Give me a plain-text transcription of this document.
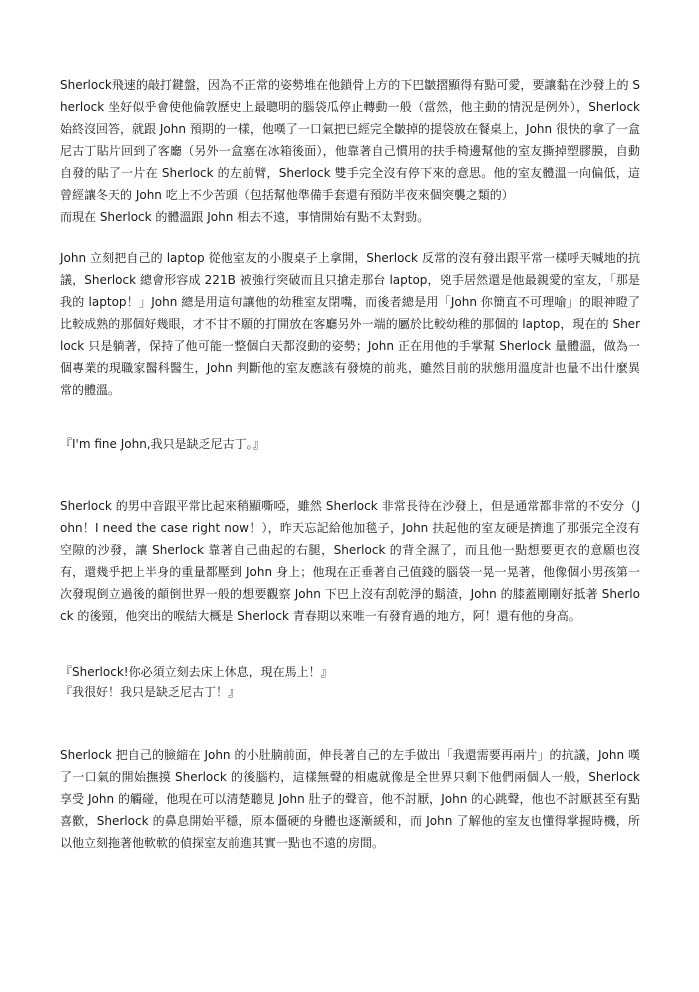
Sherlock飛速的敲打鍵盤，因為不正常的姿勢堆在他鎖骨上方的下巴皺摺顯得有點可愛，要讓黏在沙發上的 Sherlock 坐好似乎會使他倫敦歷史上最聰明的腦袋瓜停止轉動一般（當然，他主動的情況是例外），Sherlock 始終沒回答，就跟 John 預期的一樣，他嘆了一口氣把已經完全皺掉的提袋放在餐桌上，John 很快的拿了一盒尼古丁貼片回到了客廳（另外一盒塞在冰箱後面），他靠著自己慣用的扶手椅邊幫他的室友撕掉塑膠膜，自動自發的貼了一片在 Sherlock 的左前臂，Sherlock 雙手完全沒有停下來的意思。他的室友體溫一向偏低，這曾經讓冬天的 John 吃上不少苦頭（包括幫他準備手套還有預防半夜來個突襲之類的）

而現在 Sherlock 的體溫跟 John 相去不遠，事情開始有點不太對勁。

John 立刻把自己的 laptop 從他室友的小腹桌子上拿開，Sherlock 反常的沒有發出跟平常一樣呼天喊地的抗議，Sherlock 總會形容成 221B 被強行突破而且只搶走那台 laptop，兇手居然還是他最親愛的室友，「那是我的 laptop！」John 總是用這句讓他的幼稚室友閉嘴，而後者總是用「John 你簡直不可理喻」的眼神瞪了比較成熟的那個好幾眼，才不甘不願的打開放在客廳另外一端的屬於比較幼稚的那個的 laptop，現在的 Sherlock 只是躺著，保持了他可能一整個白天都沒動的姿勢；John 正在用他的手掌幫 Sherlock 量體溫，做為一個專業的現職家醫科醫生，John 判斷他的室友應該有發燒的前兆，雖然目前的狀態用溫度計也量不出什麼異常的體溫。

『I'm fine John,我只是缺乏尼古丁。』

Sherlock 的男中音跟平常比起來稍顯嘶啞，雖然 Sherlock 非常長待在沙發上，但是通常都非常的不安分（John！I need the case right now！），昨天忘記給他加毯子，John 扶起他的室友硬是擠進了那張完全沒有空隙的沙發，讓 Sherlock 靠著自己曲起的右腿，Sherlock 的背全濕了，而且他一點想要更衣的意願也沒有，還幾乎把上半身的重量都壓到 John 身上；他現在正垂著自己值錢的腦袋一晃一晃著，他像個小男孩第一次發現倒立過後的顛倒世界一般的想要觀察 John 下巴上沒有刮乾淨的鬍渣，John 的膝蓋剛剛好抵著 Sherlock 的後頸，他突出的喉結大概是 Sherlock 青春期以來唯一有發育過的地方，阿！還有他的身高。

『Sherlock!你必須立刻去床上休息，現在馬上！』

『我很好！我只是缺乏尼古丁！』

Sherlock 把自己的臉縮在 John 的小肚腩前面，伸長著自己的左手做出「我還需要再兩片」的抗議，John 嘆了一口氣的開始撫摸 Sherlock 的後腦杓，這樣無聲的相處就像是全世界只剩下他們兩個人一般，Sherlock 享受 John 的觸碰，他現在可以清楚聽見 John 肚子的聲音，他不討厭，John 的心跳聲，他也不討厭甚至有點喜歡，Sherlock 的鼻息開始平穩，原本僵硬的身體也逐漸緩和，而 John 了解他的室友也懂得掌握時機，所以他立刻拖著他軟軟的偵探室友前進其實一點也不遠的房間。
